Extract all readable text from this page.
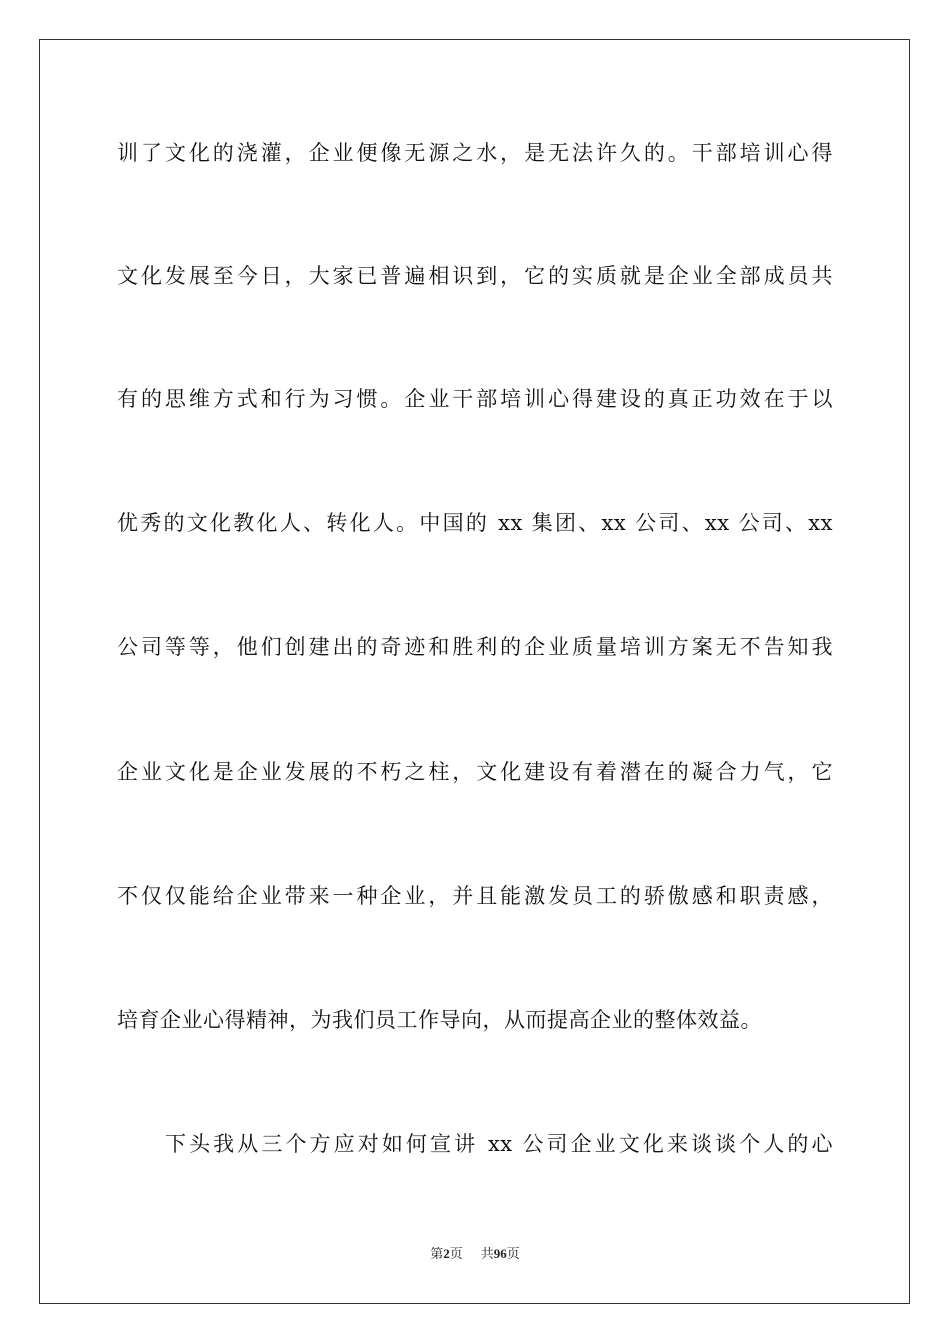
训了文化的浇灌，企业便像无源之水，是无法许久的。干部培训心得
文化发展至今日，大家已普遍相识到，它的实质就是企业全部成员共
有的思维方式和行为习惯。企业干部培训心得建设的真正功效在于以
优秀的文化教化人、转化人。中国的 xx 集团、xx 公司、xx 公司、xx
公司等等，他们创建出的奇迹和胜利的企业质量培训方案无不告知我
企业文化是企业发展的不朽之柱，文化建设有着潜在的凝合力气，它
不仅仅能给企业带来一种企业，并且能激发员工的骄傲感和职责感，
培育企业心得精神，为我们员工作导向，从而提高企业的整体效益。
下头我从三个方应对如何宣讲 xx 公司企业文化来谈谈个人的心
第2页 共96页
